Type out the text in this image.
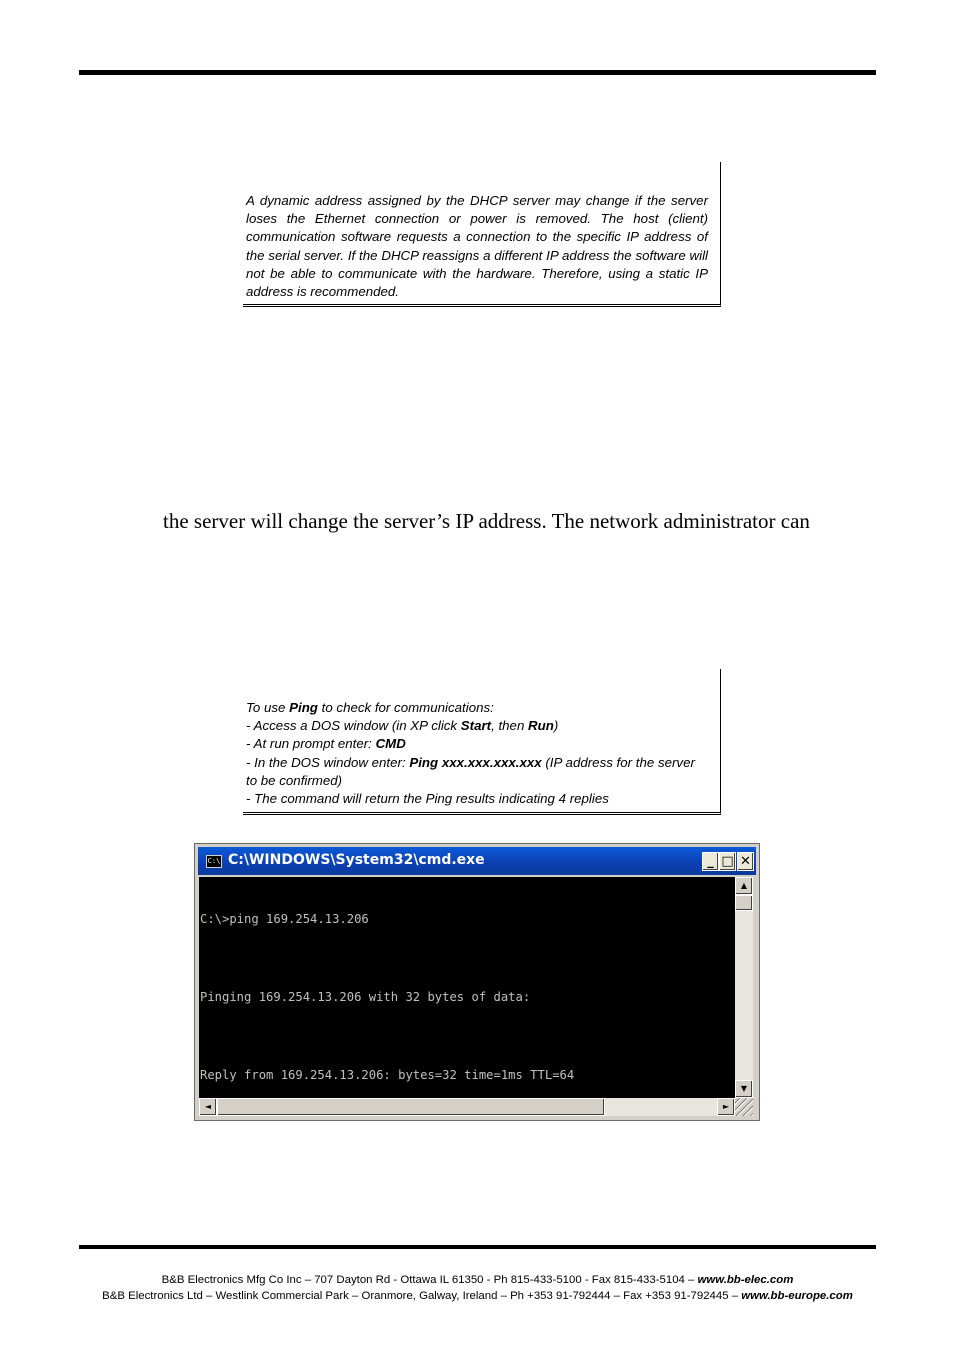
A dynamic address assigned by the DHCP server may change if the server loses the Ethernet connection or power is removed. The host (client) communication software requests a connection to the specific IP address of the serial server. If the DHCP reassigns a different IP address the software will not be able to communicate with the hardware. Therefore, using a static IP address is recommended.

the server will change the server’s IP address. The network administrator can

To use Ping to check for communications:

- Access a DOS window (in XP click Start, then Run)

- At run prompt enter: CMD

- In the DOS window enter: Ping xxx.xxx.xxx.xxx (IP address for the server to be confirmed)

- The command will return the Ping results indicating 4 replies

C:\ C:\WINDOWS\System32\cmd.exe	_ □ ✕

C:\>ping 169.254.13.206

Pinging 169.254.13.206 with 32 bytes of data:

Reply from 169.254.13.206: bytes=32 time=1ms TTL=64

▲
▼
◄	►
B&B Electronics Mfg Co Inc – 707 Dayton Rd - Ottawa IL 61350 - Ph 815-433-5100 - Fax 815-433-5104 – www.bb-elec.com
B&B Electronics Ltd – Westlink Commercial Park – Oranmore, Galway, Ireland – Ph +353 91-792444 – Fax +353 91-792445 – www.bb-europe.com
